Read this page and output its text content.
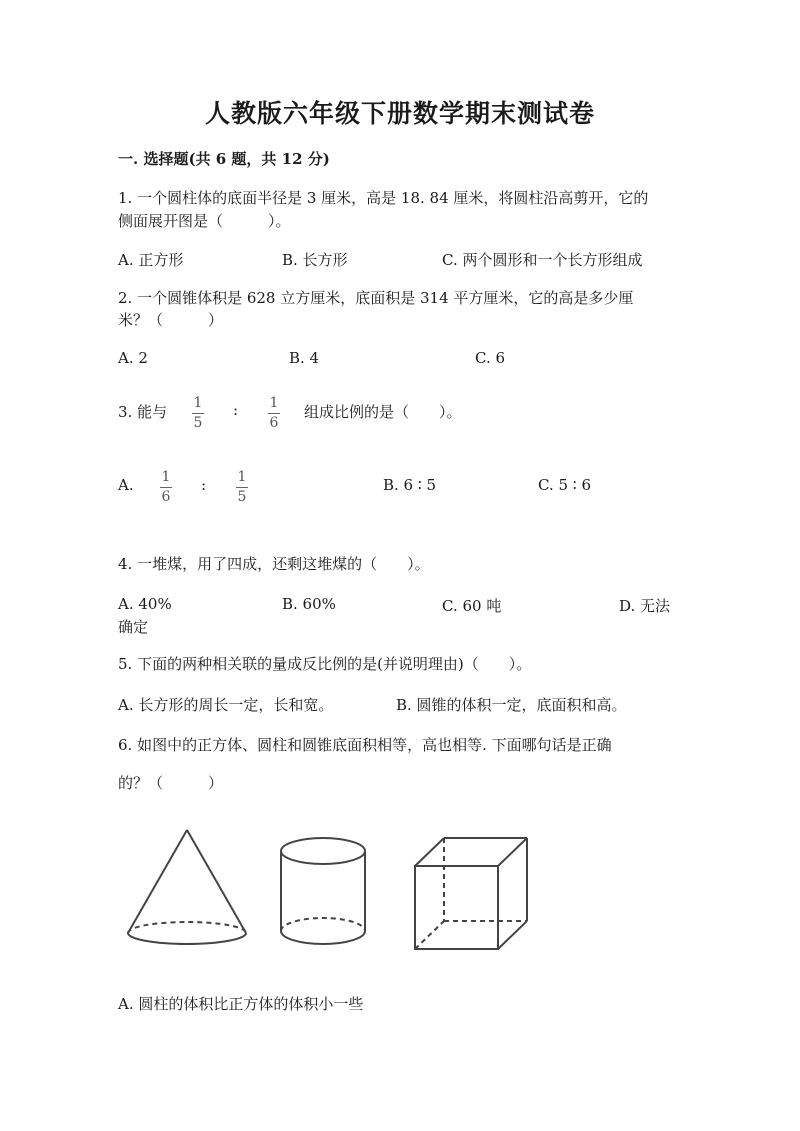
人教版六年级下册数学期末测试卷
一. 选择题(共 6 题，共 12 分)
1. 一个圆柱体的底面半径是 3 厘米，高是 18. 84 厘米，将圆柱沿高剪开，它的
侧面展开图是（　　　）。
A. 正方形	B. 长方形	C. 两个圆形和一个长方形组成
2. 一个圆锥体积是 628 立方厘米，底面积是 314 平方厘米，它的高是多少厘
米？（　　　）
A. 2	B. 4	C. 6
3. 能与 1
5
: 1
6
组成比例的是（　　）。
A. 1
6
: 1
5
B. 6 ∶ 5	C. 5 ∶ 6
4. 一堆煤，用了四成，还剩这堆煤的（　　）。
A. 40%	B. 60%	C. 60 吨	D. 无法
确定
5. 下面的两种相关联的量成反比例的是(并说明理由)（　　）。
A. 长方形的周长一定，长和宽。	B. 圆锥的体积一定，底面积和高。
6. 如图中的正方体、圆柱和圆锥底面积相等，高也相等. 下面哪句话是正确
的？（　　　）
A. 圆柱的体积比正方体的体积小一些
